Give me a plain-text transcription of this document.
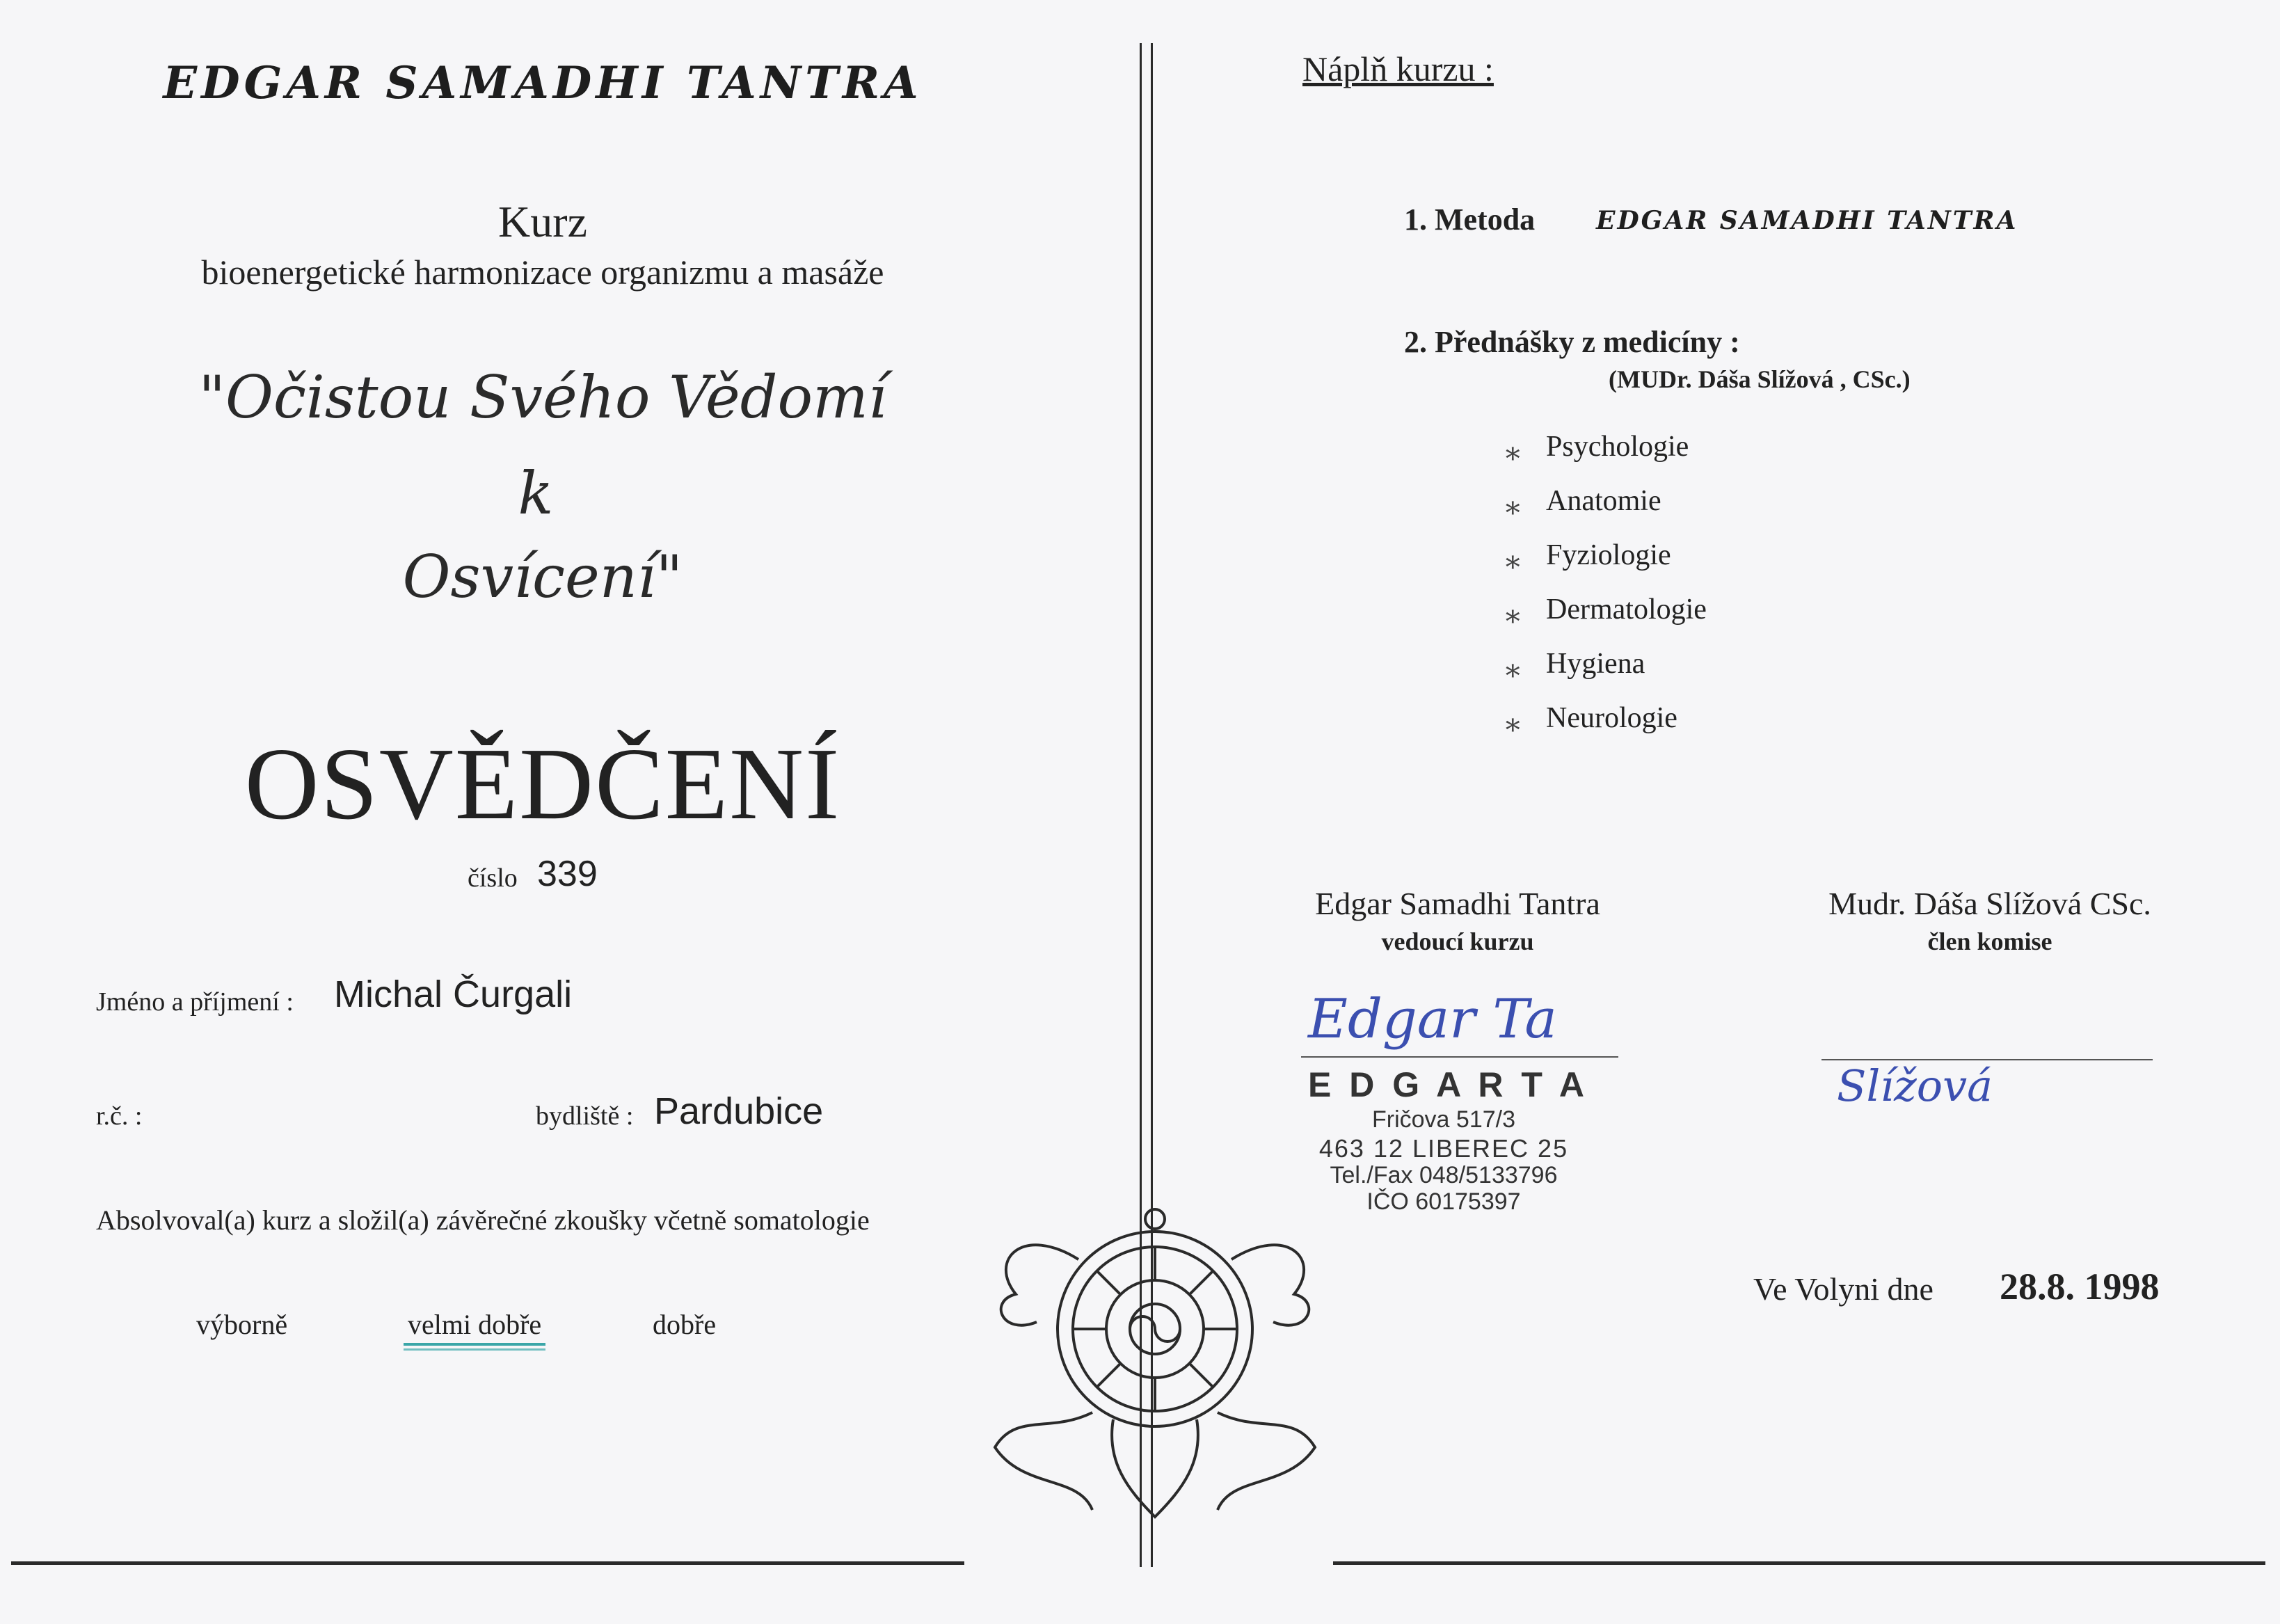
EDGAR SAMADHI TANTRA
Kurz
bioenergetické harmonizace organizmu a masáže
"Očistou Svého Vědomí
k
Osvícení"
OSVĚDČENÍ
číslo 339
Jméno a příjmení : Michal Čurgali
r.č. :	bydliště : Pardubice
Absolvoval(a) kurz a složil(a) závěrečné zkoušky včetně somatologie
výborně	velmi dobře	dobře
Náplň kurzu :
1. Metoda EDGAR SAMADHI TANTRA
2. Přednášky z medicíny :
(MUDr. Dáša Slížová , CSc.)
∗ Psychologie
∗ Anatomie
∗ Fyziologie
∗ Dermatologie
∗ Hygiena
∗ Neurologie
Edgar Samadhi Tantra
vedoucí kurzu
Edgar Ta
E D G A R T A
Fričova 517/3
463 12 LIBEREC 25
Tel./Fax 048/5133796
IČO 60175397
Mudr. Dáša Slížová CSc.
člen komise
Slížová
Ve Volyni dne 28.8. 1998
